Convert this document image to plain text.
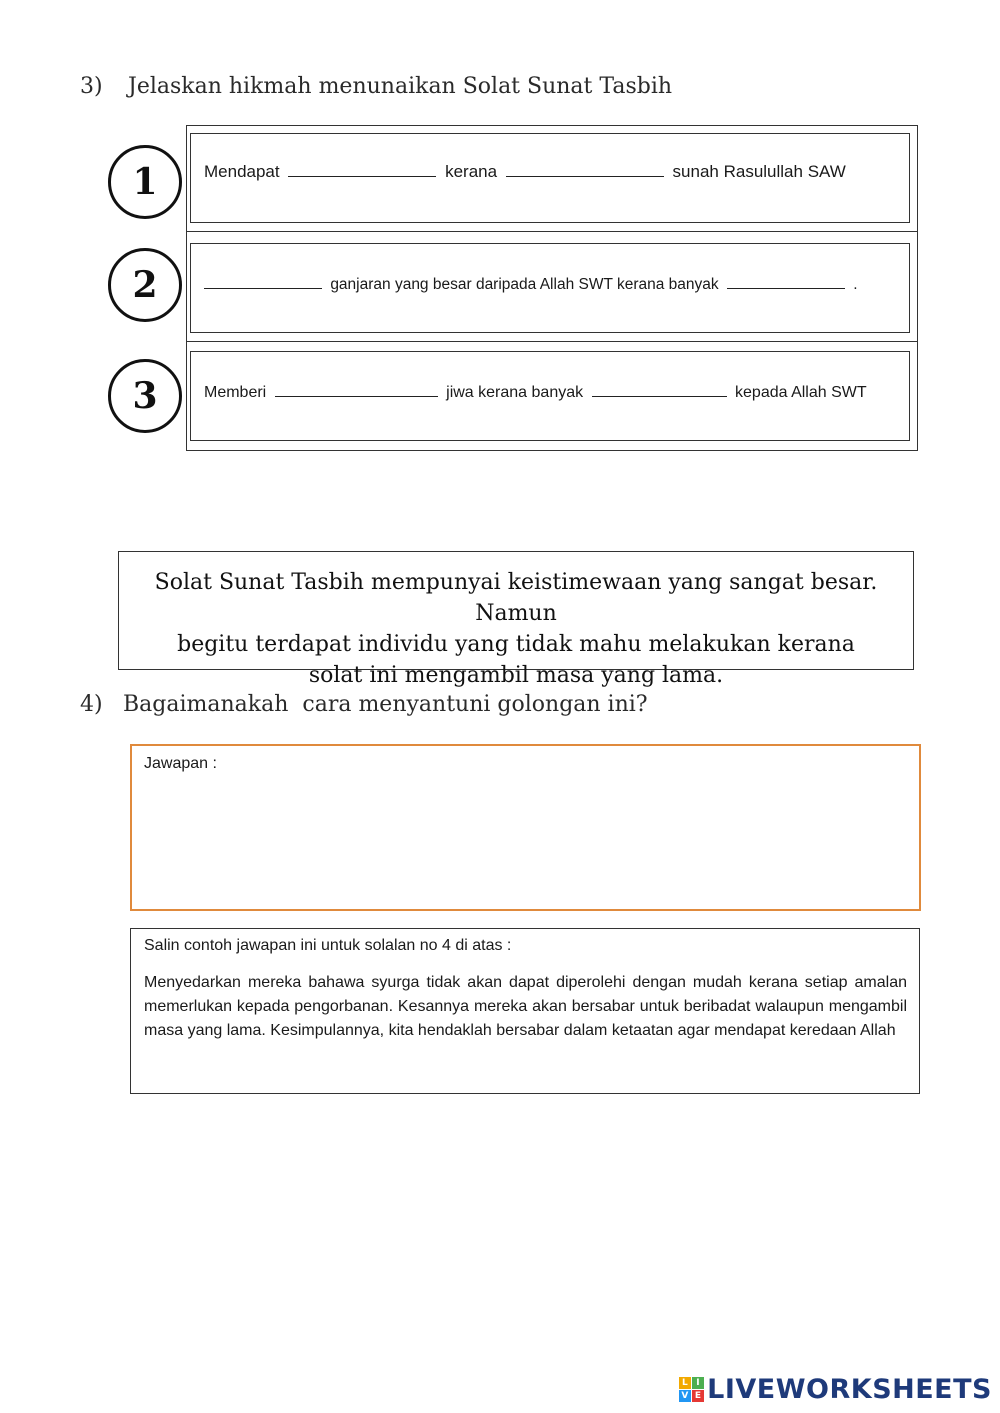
3) Jelaskan hikmah menunaikan Solat Sunat Tasbih
1	Mendapat	kerana	sunah Rasulullah SAW
2	ganjaran yang besar daripada Allah SWT kerana banyak	.
3	Memberi	jiwa kerana banyak	kepada Allah SWT
Solat Sunat Tasbih mempunyai keistimewaan yang sangat besar. Namun
begitu terdapat individu yang tidak mahu melakukan kerana
solat ini mengambil masa yang lama.
4) Bagaimanakah  cara menyantuni golongan ini?
Jawapan :
Salin contoh jawapan ini untuk solalan no 4 di atas :
Menyedarkan mereka bahawa syurga tidak akan dapat diperolehi dengan mudah kerana setiap amalan memerlukan kepada pengorbanan. Kesannya mereka akan bersabar untuk beribadat walaupun mengambil masa yang lama. Kesimpulannya, kita hendaklah bersabar dalam ketaatan agar mendapat keredaan Allah
L I
V E LIVEWORKSHEETS
